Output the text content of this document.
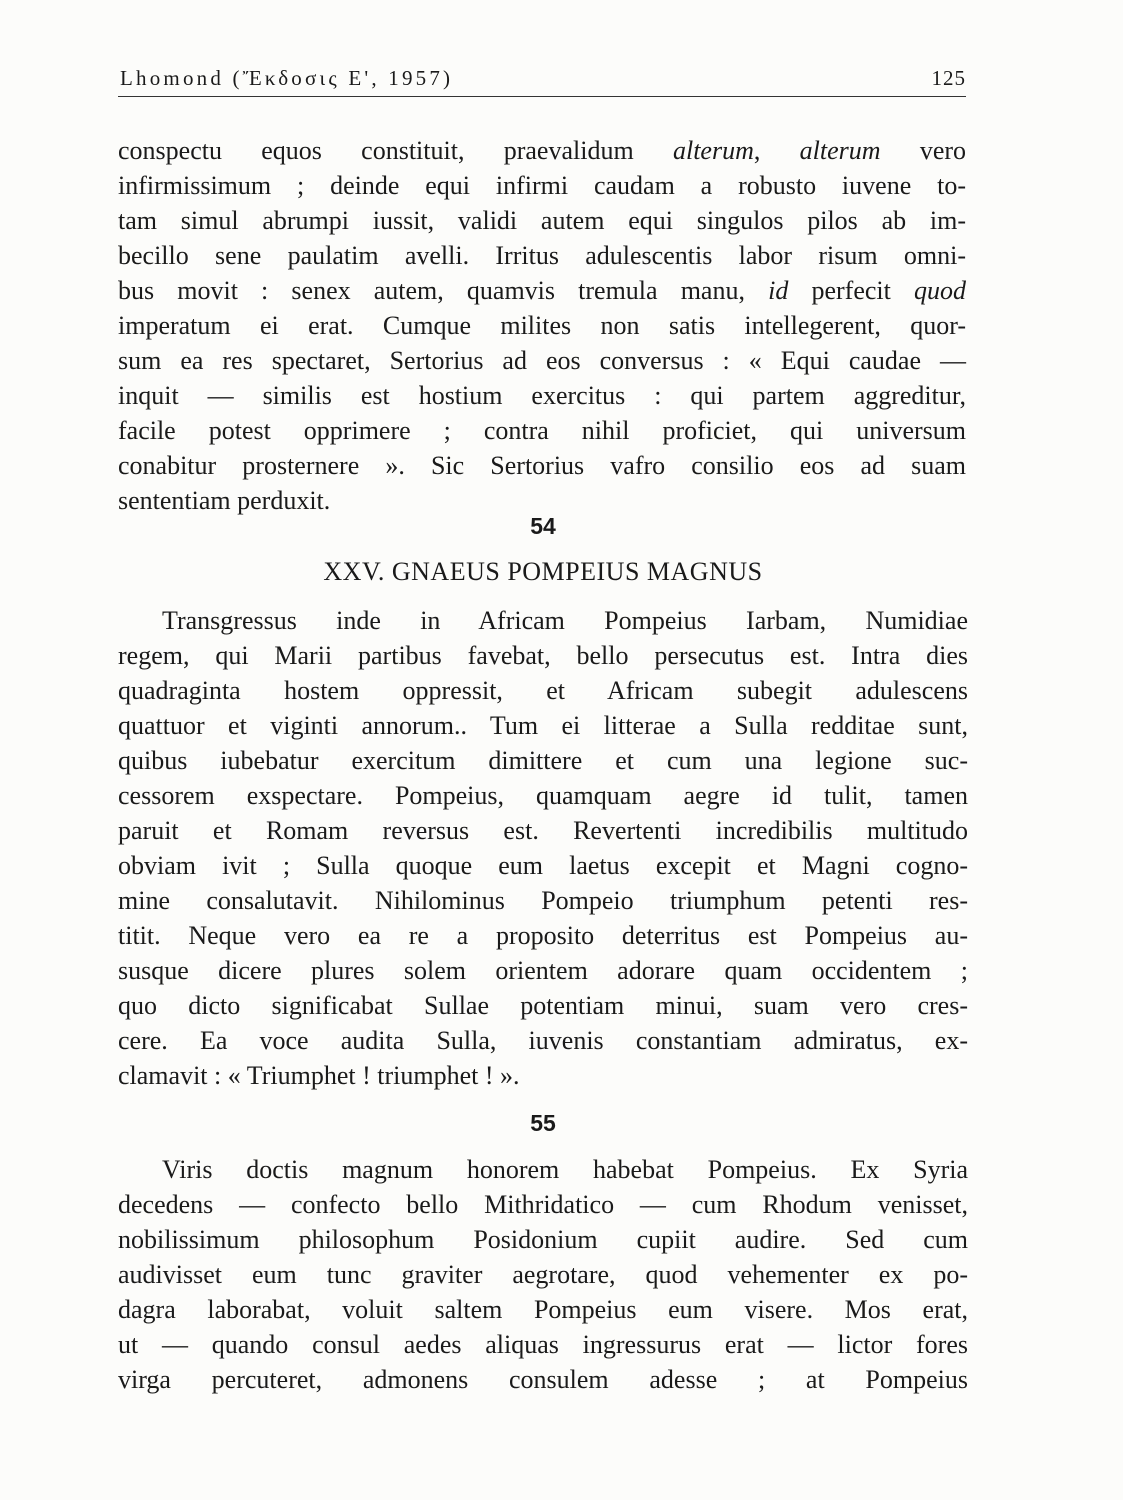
Lhomond (Ἔκδοσις Ε', 1957)	125
conspectu equos constituit, praevalidum alterum, alterum vero
infirmissimum ; deinde equi infirmi caudam a robusto iuvene to-
tam simul abrumpi iussit, validi autem equi singulos pilos ab im-
becillo sene paulatim avelli. Irritus adulescentis labor risum omni-
bus movit : senex autem, quamvis tremula manu, id perfecit quod
imperatum ei erat. Cumque milites non satis intellegerent, quor-
sum ea res spectaret, Sertorius ad eos conversus : « Equi caudae —
inquit — similis est hostium exercitus : qui partem aggreditur,
facile potest opprimere ; contra nihil proficiet, qui universum
conabitur prosternere ». Sic Sertorius vafro consilio eos ad suam
sententiam perduxit.
54
XXV. GNAEUS POMPEIUS MAGNUS
Transgressus inde in Africam Pompeius Iarbam, Numidiae
regem, qui Marii partibus favebat, bello persecutus est. Intra dies
quadraginta hostem oppressit, et Africam subegit adulescens
quattuor et viginti annorum.. Tum ei litterae a Sulla redditae sunt,
quibus iubebatur exercitum dimittere et cum una legione suc-
cessorem exspectare. Pompeius, quamquam aegre id tulit, tamen
paruit et Romam reversus est. Revertenti incredibilis multitudo
obviam ivit ; Sulla quoque eum laetus excepit et Magni cogno-
mine consalutavit. Nihilominus Pompeio triumphum petenti res-
titit. Neque vero ea re a proposito deterritus est Pompeius au-
susque dicere plures solem orientem adorare quam occidentem ;
quo dicto significabat Sullae potentiam minui, suam vero cres-
cere. Ea voce audita Sulla, iuvenis constantiam admiratus, ex-
clamavit : « Triumphet ! triumphet ! ».
55
Viris doctis magnum honorem habebat Pompeius. Ex Syria
decedens — confecto bello Mithridatico — cum Rhodum venisset,
nobilissimum philosophum Posidonium cupiit audire. Sed cum
audivisset eum tunc graviter aegrotare, quod vehementer ex po-
dagra laborabat, voluit saltem Pompeius eum visere. Mos erat,
ut — quando consul aedes aliquas ingressurus erat — lictor fores
virga percuteret, admonens consulem adesse ; at Pompeius
